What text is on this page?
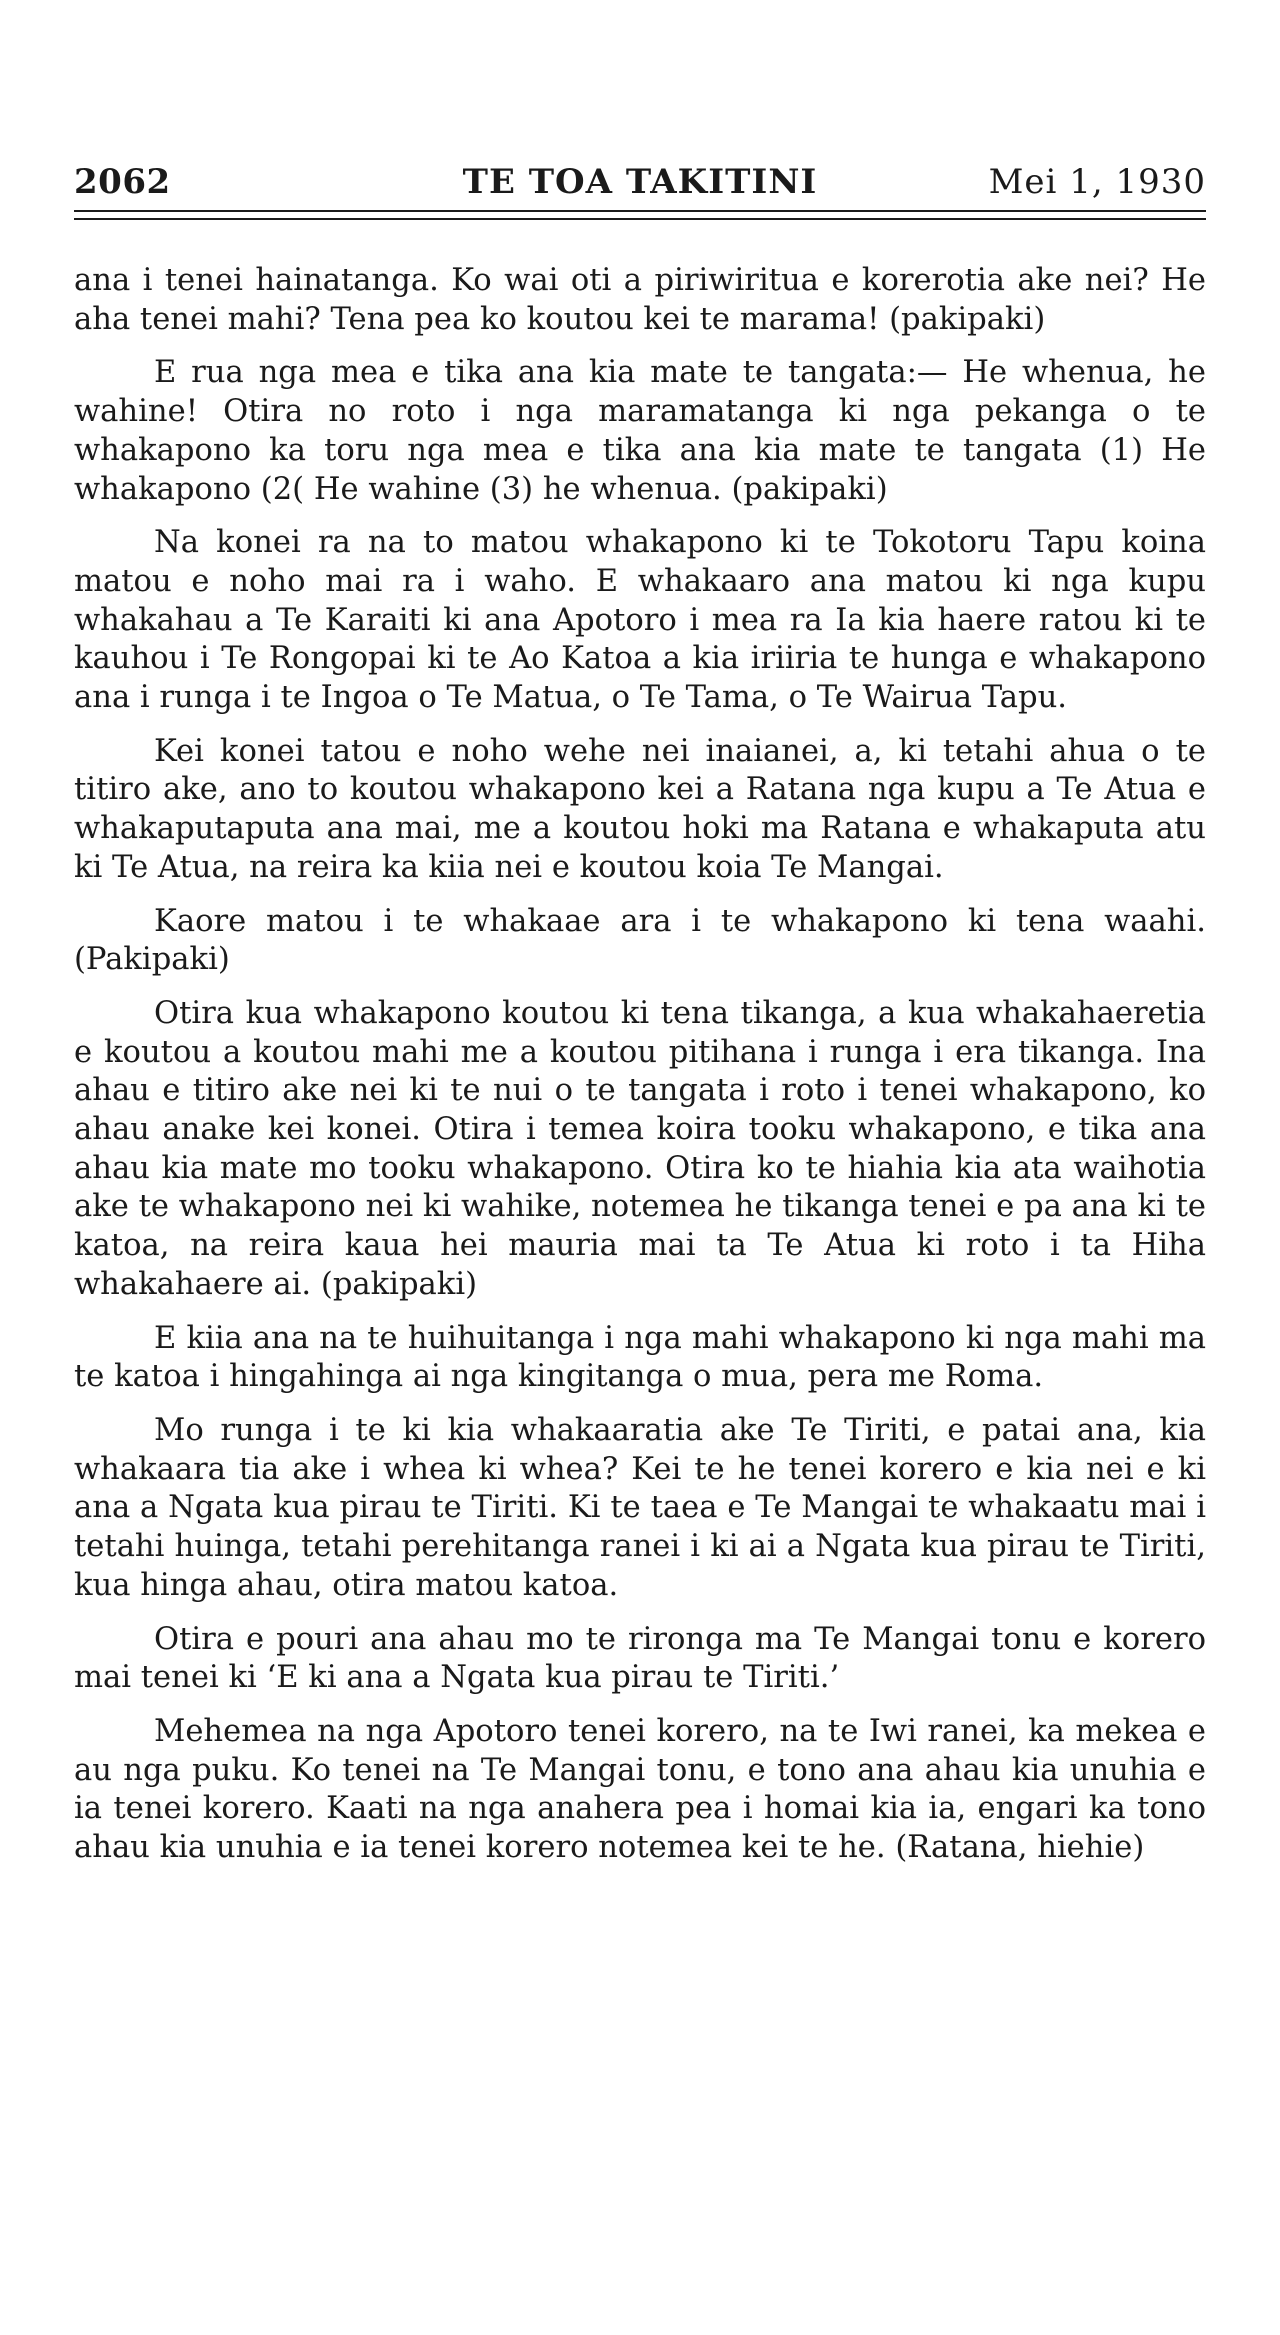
2062	TE TOA TAKITINI	Mei 1, 1930

ana i tenei hainatanga. Ko wai oti a piriwiritua e korerotia ake nei? He aha tenei mahi? Tena pea ko koutou kei te marama! (pakipaki)

E rua nga mea e tika ana kia mate te tangata:— He whenua, he wahine! Otira no roto i nga maramatanga ki nga pekanga o te whakapono ka toru nga mea e tika ana kia mate te tangata (1) He whakapono (2( He wahine (3) he whenua. (pakipaki)

Na konei ra na to matou whakapono ki te Tokotoru Tapu koina matou e noho mai ra i waho. E whakaaro ana matou ki nga kupu whakahau a Te Karaiti ki ana Apotoro i mea ra Ia kia haere ratou ki te kauhou i Te Rongopai ki te Ao Katoa a kia iriiria te hunga e whakapono ana i runga i te Ingoa o Te Matua, o Te Tama, o Te Wairua Tapu.

Kei konei tatou e noho wehe nei inaianei, a, ki tetahi ahua o te titiro ake, ano to koutou whakapono kei a Ratana nga kupu a Te Atua e whakaputaputa ana mai, me a koutou hoki ma Ratana e whakaputa atu ki Te Atua, na reira ka kiia nei e koutou koia Te Mangai.

Kaore matou i te whakaae ara i te whakapono ki tena waahi. (Pakipaki)

Otira kua whakapono koutou ki tena tikanga, a kua whakahaeretia e koutou a koutou mahi me a koutou pitihana i runga i era tikanga. Ina ahau e titiro ake nei ki te nui o te tangata i roto i tenei whakapono, ko ahau anake kei konei. Otira i temea koira tooku whakapono, e tika ana ahau kia mate mo tooku whakapono. Otira ko te hiahia kia ata waihotia ake te whakapono nei ki wahike, notemea he tikanga tenei e pa ana ki te katoa, na reira kaua hei mauria mai ta Te Atua ki roto i ta Hiha whakahaere ai. (pakipaki)

E kiia ana na te huihuitanga i nga mahi whakapono ki nga mahi ma te katoa i hingahinga ai nga kingitanga o mua, pera me Roma.

Mo runga i te ki kia whakaaratia ake Te Tiriti, e patai ana, kia whakaara tia ake i whea ki whea? Kei te he tenei korero e kia nei e ki ana a Ngata kua pirau te Tiriti. Ki te taea e Te Mangai te whakaatu mai i tetahi huinga, tetahi perehitanga ranei i ki ai a Ngata kua pirau te Tiriti, kua hinga ahau, otira matou katoa.

Otira e pouri ana ahau mo te rironga ma Te Mangai tonu e korero mai tenei ki ‘E ki ana a Ngata kua pirau te Tiriti.’

Mehemea na nga Apotoro tenei korero, na te Iwi ranei, ka mekea e au nga puku. Ko tenei na Te Mangai tonu, e tono ana ahau kia unuhia e ia tenei korero. Kaati na nga anahera pea i homai kia ia, engari ka tono ahau kia unuhia e ia tenei korero notemea kei te he. (Ratana, hiehie)
